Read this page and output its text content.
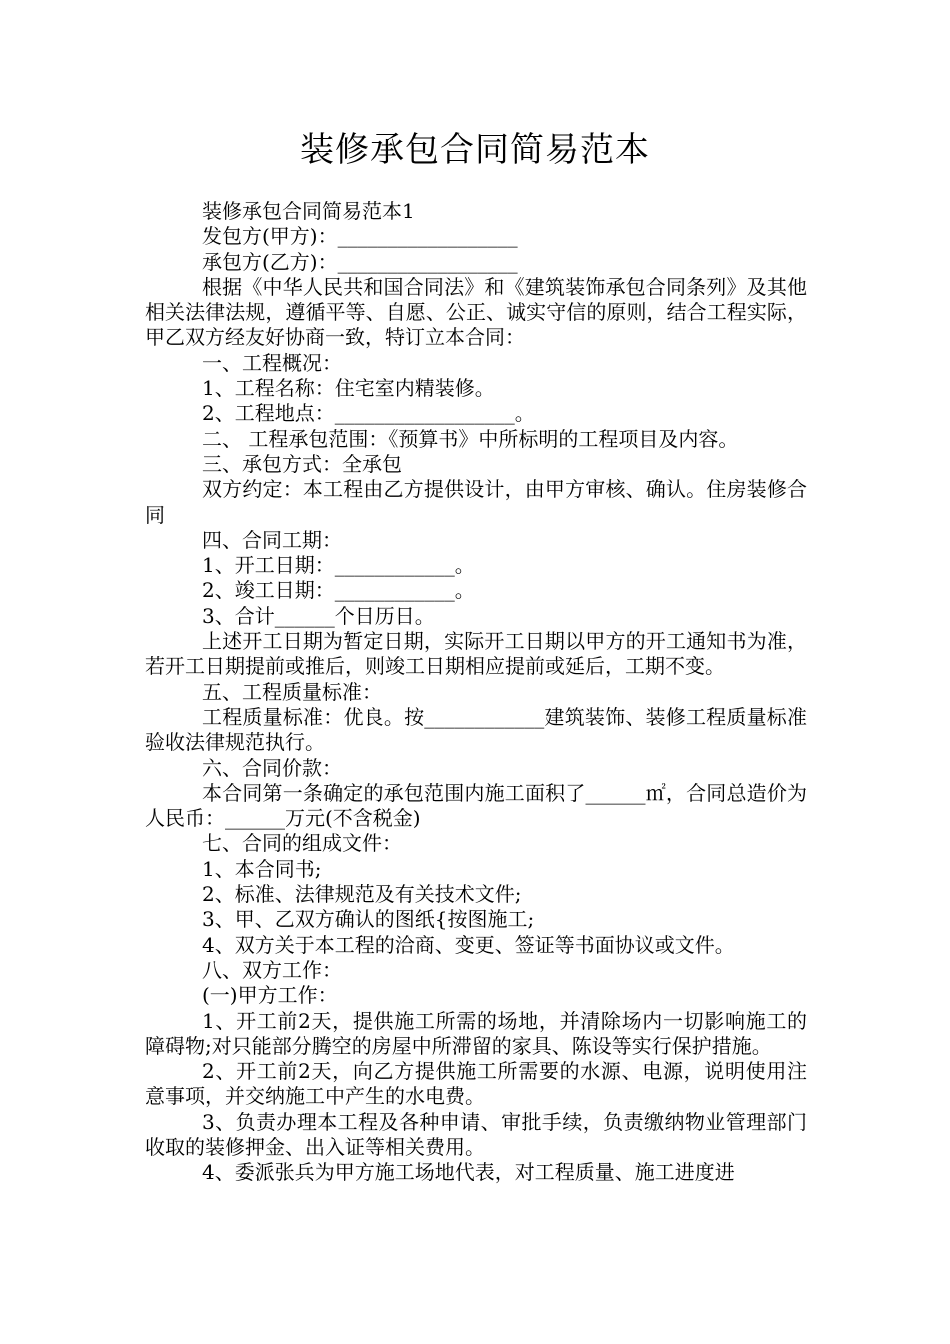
装修承包合同简易范本

装修承包合同简易范本1

发包方(甲方)：__________________

承包方(乙方)：__________________

根据《中华人民共和国合同法》和《建筑装饰承包合同条列》及其他相关法律法规，遵循平等、自愿、公正、诚实守信的原则，结合工程实际，甲乙双方经友好协商一致，特订立本合同：

一、工程概况：

1、工程名称：住宅室内精装修。

2、工程地点：__________________。

二、 工程承包范围：《预算书》中所标明的工程项目及内容。

三、承包方式：全承包

双方约定：本工程由乙方提供设计，由甲方审核、确认。住房装修合同

四、合同工期：

1、开工日期：____________。

2、竣工日期：____________。

3、合计______个日历日。

上述开工日期为暂定日期，实际开工日期以甲方的开工通知书为准，若开工日期提前或推后，则竣工日期相应提前或延后，工期不变。

五、工程质量标准：

工程质量标准：优良。按____________建筑装饰、装修工程质量标准验收法律规范执行。

六、合同价款：

本合同第一条确定的承包范围内施工面积了______㎡，合同总造价为人民币：______万元(不含税金)

七、合同的组成文件：

1、本合同书;

2、标准、法律规范及有关技术文件;

3、甲、乙双方确认的图纸{按图施工;

4、双方关于本工程的洽商、变更、签证等书面协议或文件。

八、双方工作：

(一)甲方工作：

1、开工前2天，提供施工所需的场地，并清除场内一切影响施工的障碍物;对只能部分腾空的房屋中所滞留的家具、陈设等实行保护措施。

2、开工前2天，向乙方提供施工所需要的水源、电源，说明使用注意事项，并交纳施工中产生的水电费。

3、负责办理本工程及各种申请、审批手续，负责缴纳物业管理部门收取的装修押金、出入证等相关费用。

4、委派张兵为甲方施工场地代表，对工程质量、施工进度进
